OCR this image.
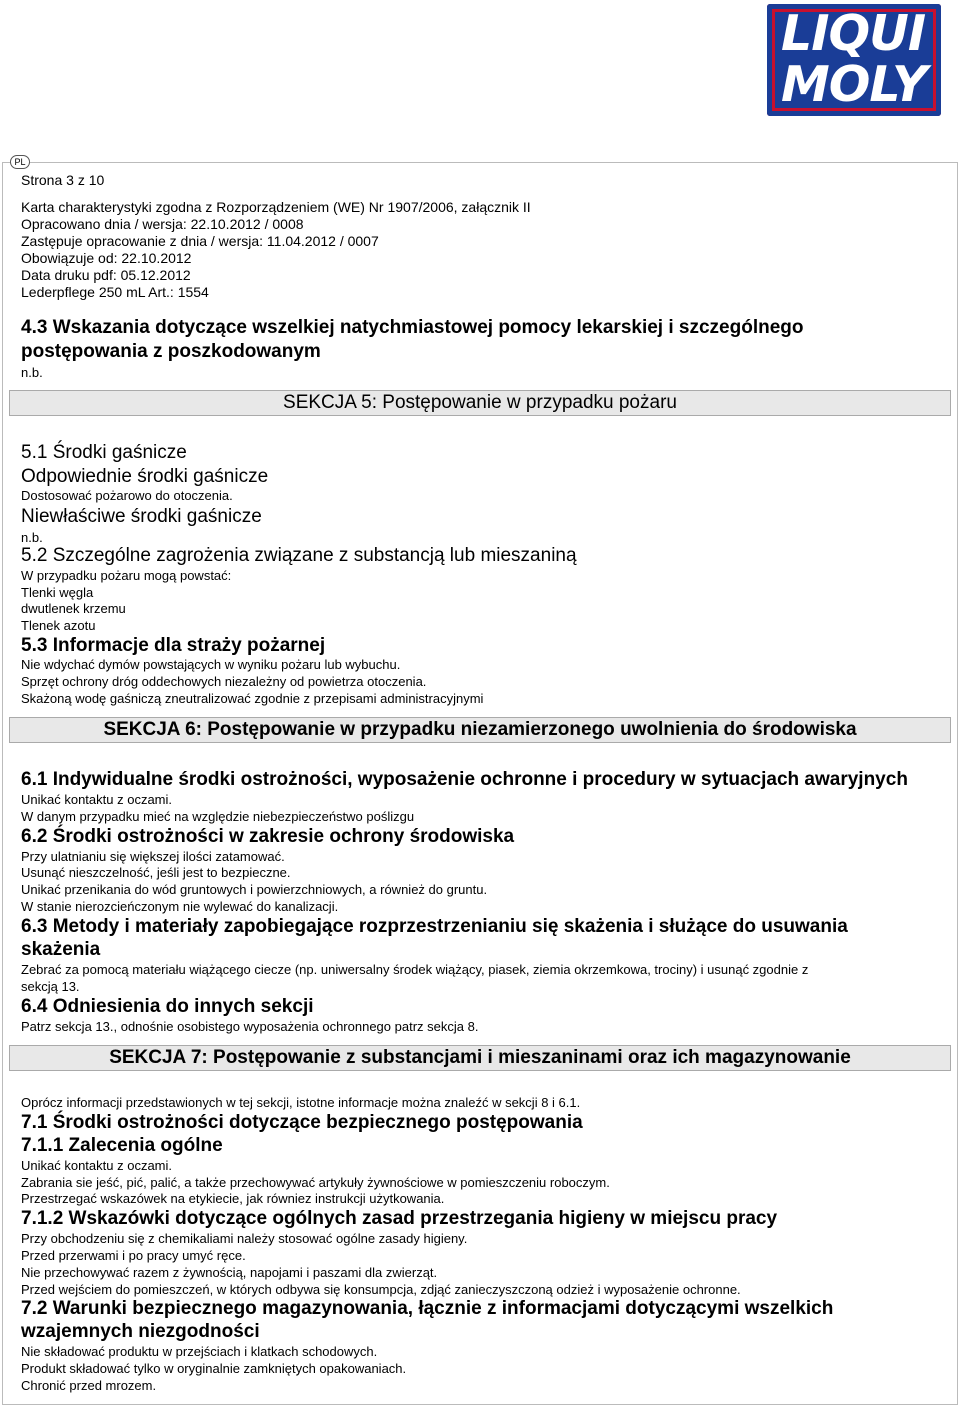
LIQUI
MOLY
PL
Strona 3 z 10
Karta charakterystyki zgodna z Rozporządzeniem (WE) Nr 1907/2006, załącznik II
Opracowano dnia / wersja: 22.10.2012 / 0008
Zastępuje opracowanie z dnia / wersja: 11.04.2012 / 0007
Obowiązuje od: 22.10.2012
Data druku pdf: 05.12.2012
Lederpflege 250 mL Art.: 1554
4.3 Wskazania dotyczące wszelkiej natychmiastowej pomocy lekarskiej i szczególnego
postępowania z poszkodowanym
n.b.
SEKCJA 5: Postępowanie w przypadku pożaru
5.1 Środki gaśnicze
Odpowiednie środki gaśnicze
Dostosować pożarowo do otoczenia.
Niewłaściwe środki gaśnicze
n.b.
5.2 Szczególne zagrożenia związane z substancją lub mieszaniną
W przypadku pożaru mogą powstać:
Tlenki węgla
dwutlenek krzemu
Tlenek azotu
5.3 Informacje dla straży pożarnej
Nie wdychać dymów powstających w wyniku pożaru lub wybuchu.
Sprzęt ochrony dróg oddechowych niezależny od powietrza otoczenia.
Skażoną wodę gaśniczą zneutralizować zgodnie z przepisami administracyjnymi
SEKCJA 6: Postępowanie w przypadku niezamierzonego uwolnienia do środowiska
6.1 Indywidualne środki ostrożności, wyposażenie ochronne i procedury w sytuacjach awaryjnych
Unikać kontaktu z oczami.
W danym przypadku mieć na względzie niebezpieczeństwo poślizgu
6.2 Środki ostrożności w zakresie ochrony środowiska
Przy ulatnianiu się większej ilości zatamować.
Usunąć nieszczelność, jeśli jest to bezpieczne.
Unikać przenikania do wód gruntowych i powierzchniowych, a również do gruntu.
W stanie nierozcieńczonym nie wylewać do kanalizacji.
6.3 Metody i materiały zapobiegające rozprzestrzenianiu się skażenia i służące do usuwania
skażenia
Zebrać za pomocą materiału wiążącego ciecze (np. uniwersalny środek wiążący, piasek, ziemia okrzemkowa, trociny) i usunąć zgodnie z
sekcją 13.
6.4 Odniesienia do innych sekcji
Patrz sekcja 13., odnośnie osobistego wyposażenia ochronnego patrz sekcja 8.
SEKCJA 7: Postępowanie z substancjami i mieszaninami oraz ich magazynowanie
Oprócz informacji przedstawionych w tej sekcji, istotne informacje można znaleźć w sekcji 8 i 6.1.
7.1 Środki ostrożności dotyczące bezpiecznego postępowania
7.1.1 Zalecenia ogólne
Unikać kontaktu z oczami.
Zabrania sie jeść, pić, palić, a także przechowywać artykuły żywnościowe w pomieszczeniu roboczym.
Przestrzegać wskazówek na etykiecie, jak równiez instrukcji użytkowania.
7.1.2 Wskazówki dotyczące ogólnych zasad przestrzegania higieny w miejscu pracy
Przy obchodzeniu się z chemikaliami należy stosować ogólne zasady higieny.
Przed przerwami i po pracy umyć ręce.
Nie przechowywać razem z żywnością, napojami i paszami dla zwierząt.
Przed wejściem do pomieszczeń, w których odbywa się konsumpcja, zdjąć zanieczyszczoną odzież i wyposażenie ochronne.
7.2 Warunki bezpiecznego magazynowania, łącznie z informacjami dotyczącymi wszelkich
wzajemnych niezgodności
Nie składować produktu w przejściach i klatkach schodowych.
Produkt składować tylko w oryginalnie zamkniętych opakowaniach.
Chronić przed mrozem.
